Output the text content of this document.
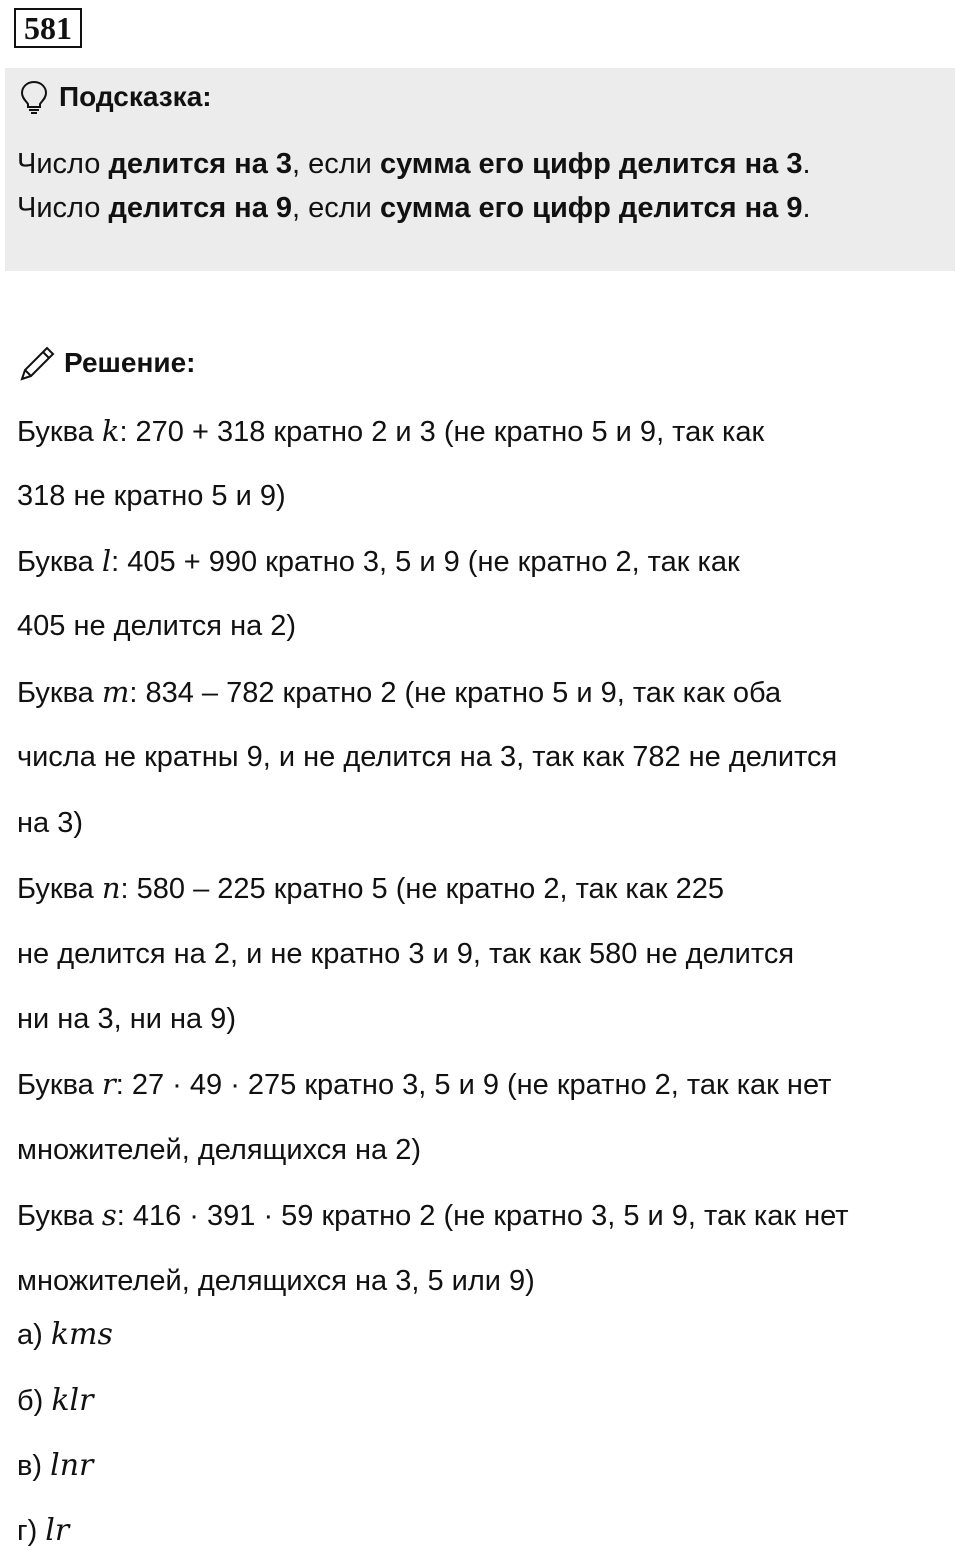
581
Подсказка:
Число делится на 3, если сумма его цифр делится на 3.
Число делится на 9, если сумма его цифр делится на 9.
Решение:
Буква k: 270 + 318 кратно 2 и 3 (не кратно 5 и 9, так как
318 не кратно 5 и 9)
Буква l: 405 + 990 кратно 3, 5 и 9 (не кратно 2, так как
405 не делится на 2)
Буква m: 834 – 782 кратно 2 (не кратно 5 и 9, так как оба
числа не кратны 9, и не делится на 3, так как 782 не делится
на 3)
Буква n: 580 – 225 кратно 5 (не кратно 2, так как 225
не делится на 2, и не кратно 3 и 9, так как 580 не делится
ни на 3, ни на 9)
Буква r: 27 · 49 · 275 кратно 3, 5 и 9 (не кратно 2, так как нет
множителей, делящихся на 2)
Буква s: 416 · 391 · 59 кратно 2 (не кратно 3, 5 и 9, так как нет
множителей, делящихся на 3, 5 или 9)
а) kms
б) klr
в) lnr
г) lr
